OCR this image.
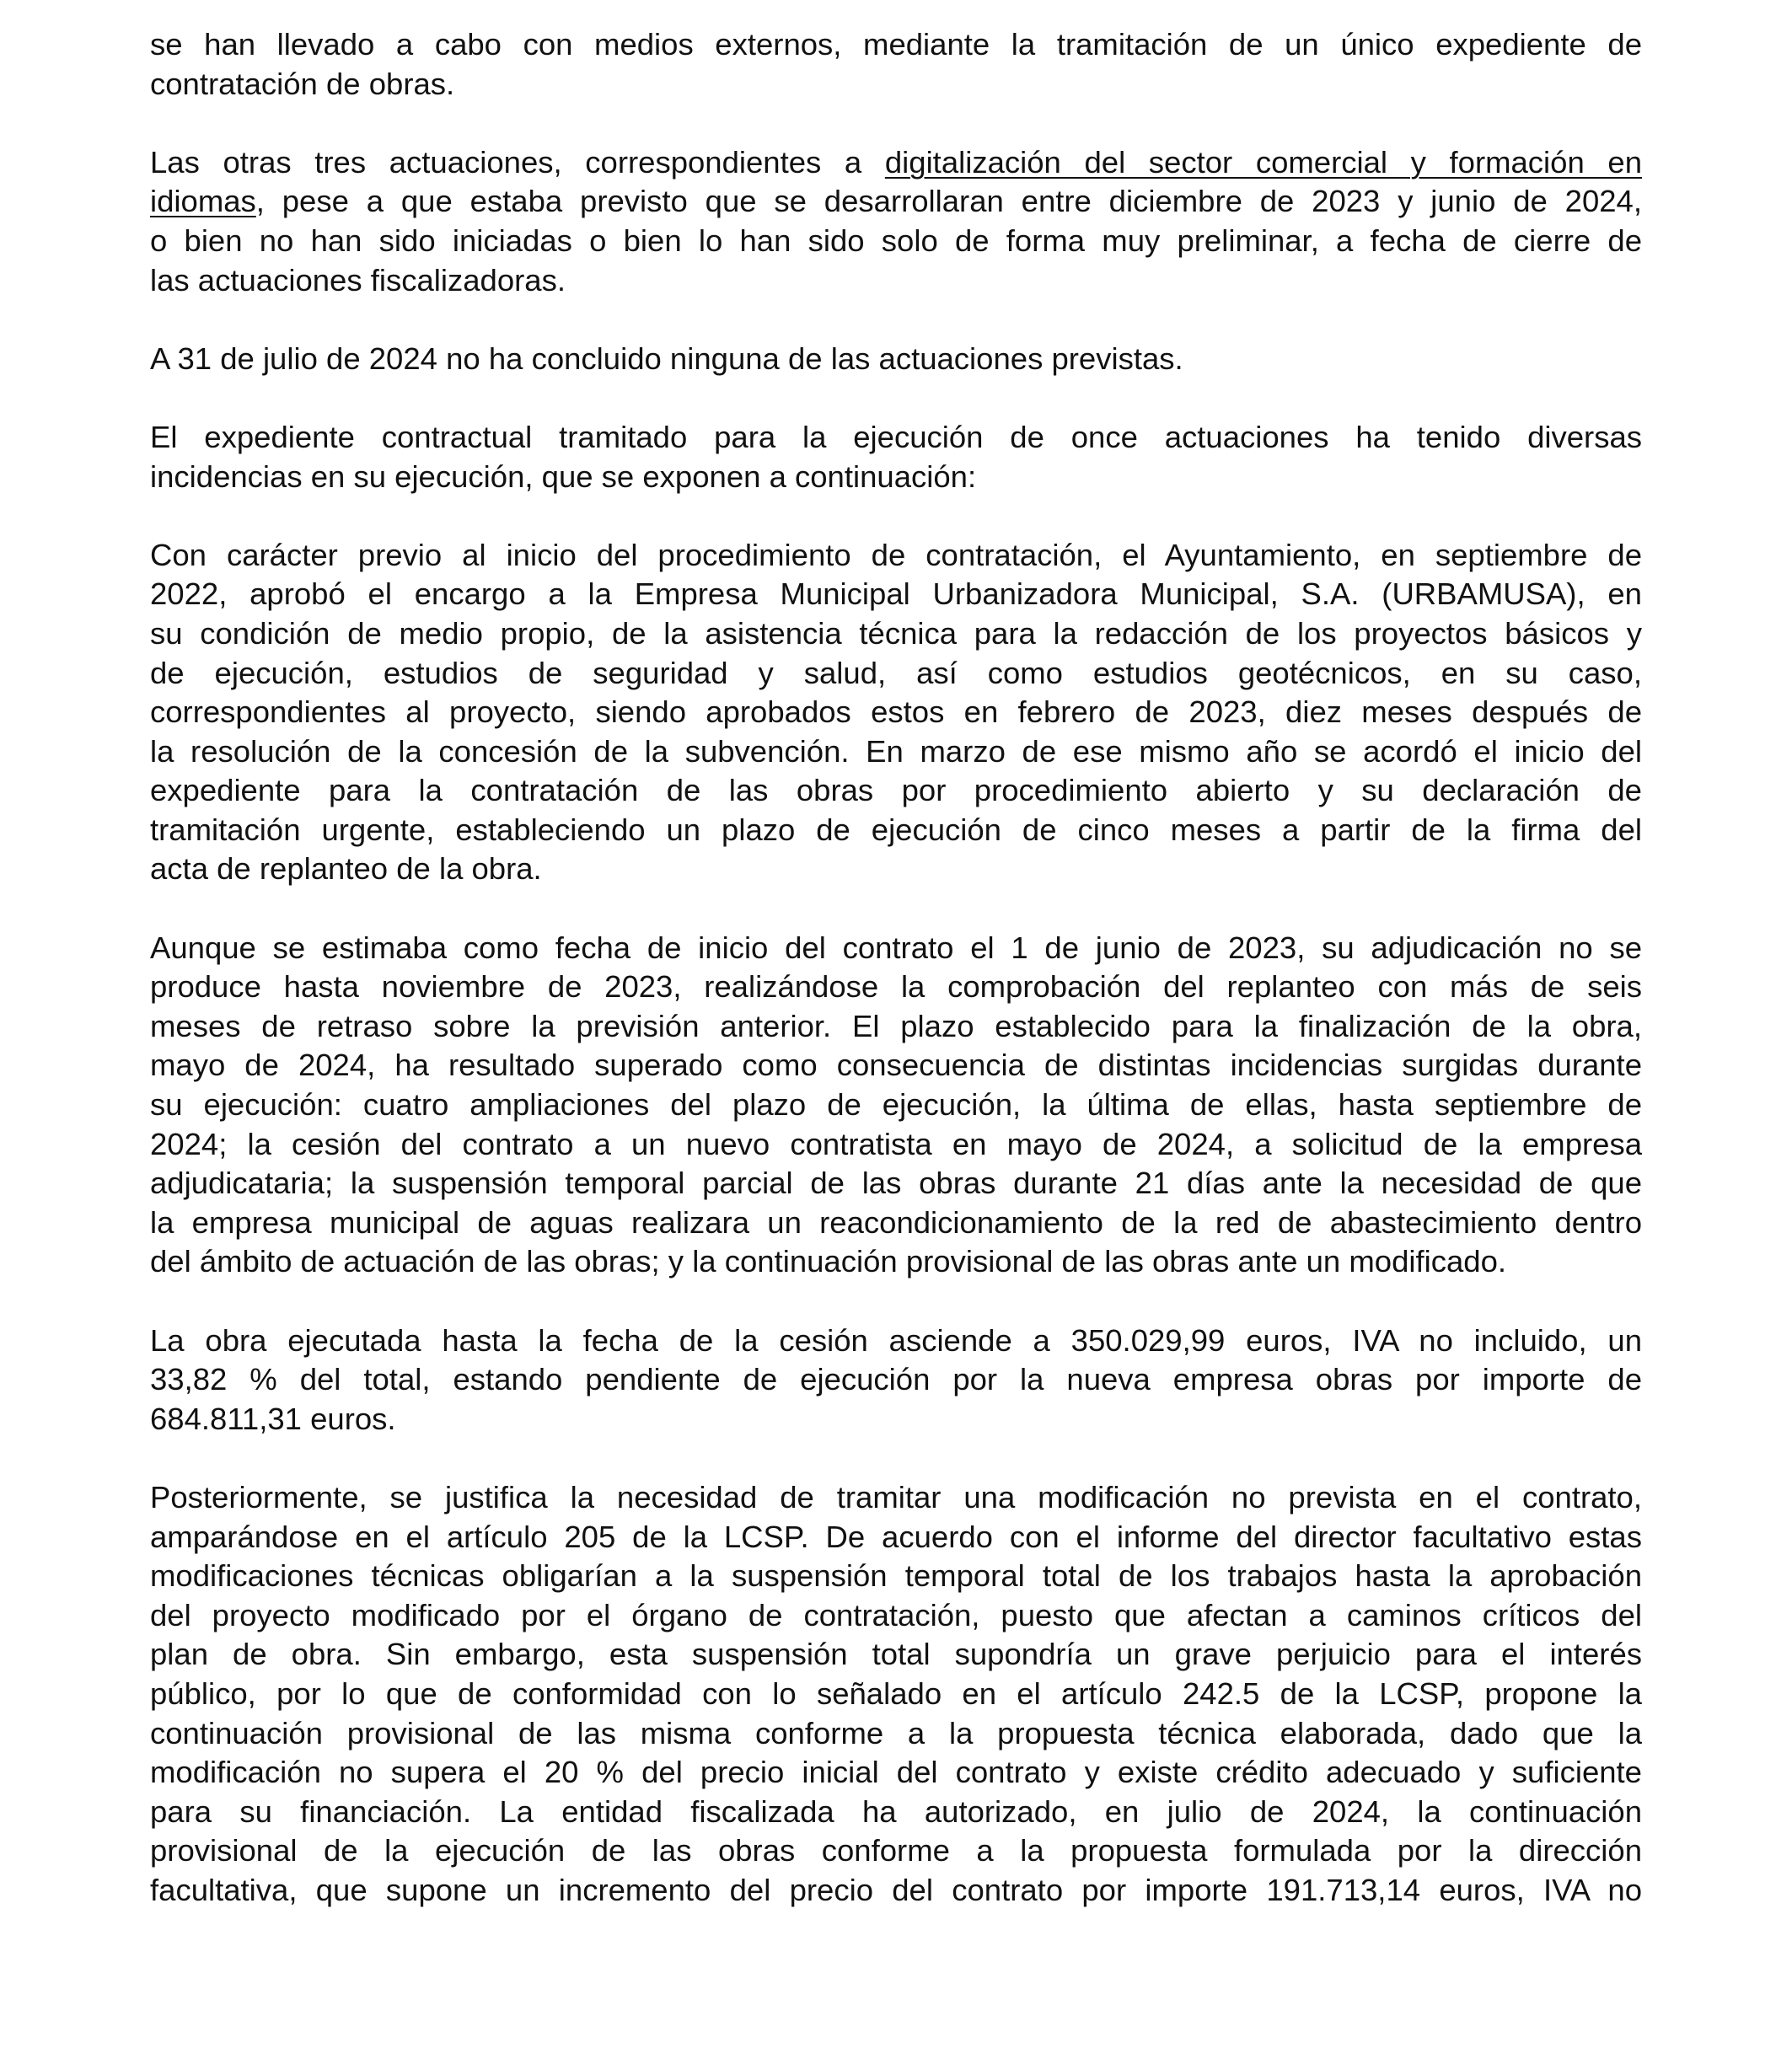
se han llevado a cabo con medios externos, mediante la tramitación de un único expediente de
contratación de obras.
Las otras tres actuaciones, correspondientes a digitalización del sector comercial y formación en
idiomas, pese a que estaba previsto que se desarrollaran entre diciembre de 2023 y junio de 2024,
o bien no han sido iniciadas o bien lo han sido solo de forma muy preliminar, a fecha de cierre de
las actuaciones fiscalizadoras.
A 31 de julio de 2024 no ha concluido ninguna de las actuaciones previstas.
El expediente contractual tramitado para la ejecución de once actuaciones ha tenido diversas
incidencias en su ejecución, que se exponen a continuación:
Con carácter previo al inicio del procedimiento de contratación, el Ayuntamiento, en septiembre de
2022, aprobó el encargo a la Empresa Municipal Urbanizadora Municipal, S.A. (URBAMUSA), en
su condición de medio propio, de la asistencia técnica para la redacción de los proyectos básicos y
de ejecución, estudios de seguridad y salud, así como estudios geotécnicos, en su caso,
correspondientes al proyecto, siendo aprobados estos en febrero de 2023, diez meses después de
la resolución de la concesión de la subvención. En marzo de ese mismo año se acordó el inicio del
expediente para la contratación de las obras por procedimiento abierto y su declaración de
tramitación urgente, estableciendo un plazo de ejecución de cinco meses a partir de la firma del
acta de replanteo de la obra.
Aunque se estimaba como fecha de inicio del contrato el 1 de junio de 2023, su adjudicación no se
produce hasta noviembre de 2023, realizándose la comprobación del replanteo con más de seis
meses de retraso sobre la previsión anterior. El plazo establecido para la finalización de la obra,
mayo de 2024, ha resultado superado como consecuencia de distintas incidencias surgidas durante
su ejecución: cuatro ampliaciones del plazo de ejecución, la última de ellas, hasta septiembre de
2024; la cesión del contrato a un nuevo contratista en mayo de 2024, a solicitud de la empresa
adjudicataria; la suspensión temporal parcial de las obras durante 21 días ante la necesidad de que
la empresa municipal de aguas realizara un reacondicionamiento de la red de abastecimiento dentro
del ámbito de actuación de las obras; y la continuación provisional de las obras ante un modificado.
La obra ejecutada hasta la fecha de la cesión asciende a 350.029,99 euros, IVA no incluido, un
33,82 % del total, estando pendiente de ejecución por la nueva empresa obras por importe de
684.811,31 euros.
Posteriormente, se justifica la necesidad de tramitar una modificación no prevista en el contrato,
amparándose en el artículo 205 de la LCSP. De acuerdo con el informe del director facultativo estas
modificaciones técnicas obligarían a la suspensión temporal total de los trabajos hasta la aprobación
del proyecto modificado por el órgano de contratación, puesto que afectan a caminos críticos del
plan de obra. Sin embargo, esta suspensión total supondría un grave perjuicio para el interés
público, por lo que de conformidad con lo señalado en el artículo 242.5 de la LCSP, propone la
continuación provisional de las misma conforme a la propuesta técnica elaborada, dado que la
modificación no supera el 20 % del precio inicial del contrato y existe crédito adecuado y suficiente
para su financiación. La entidad fiscalizada ha autorizado, en julio de 2024, la continuación
provisional de la ejecución de las obras conforme a la propuesta formulada por la dirección
facultativa, que supone un incremento del precio del contrato por importe 191.713,14 euros, IVA no
